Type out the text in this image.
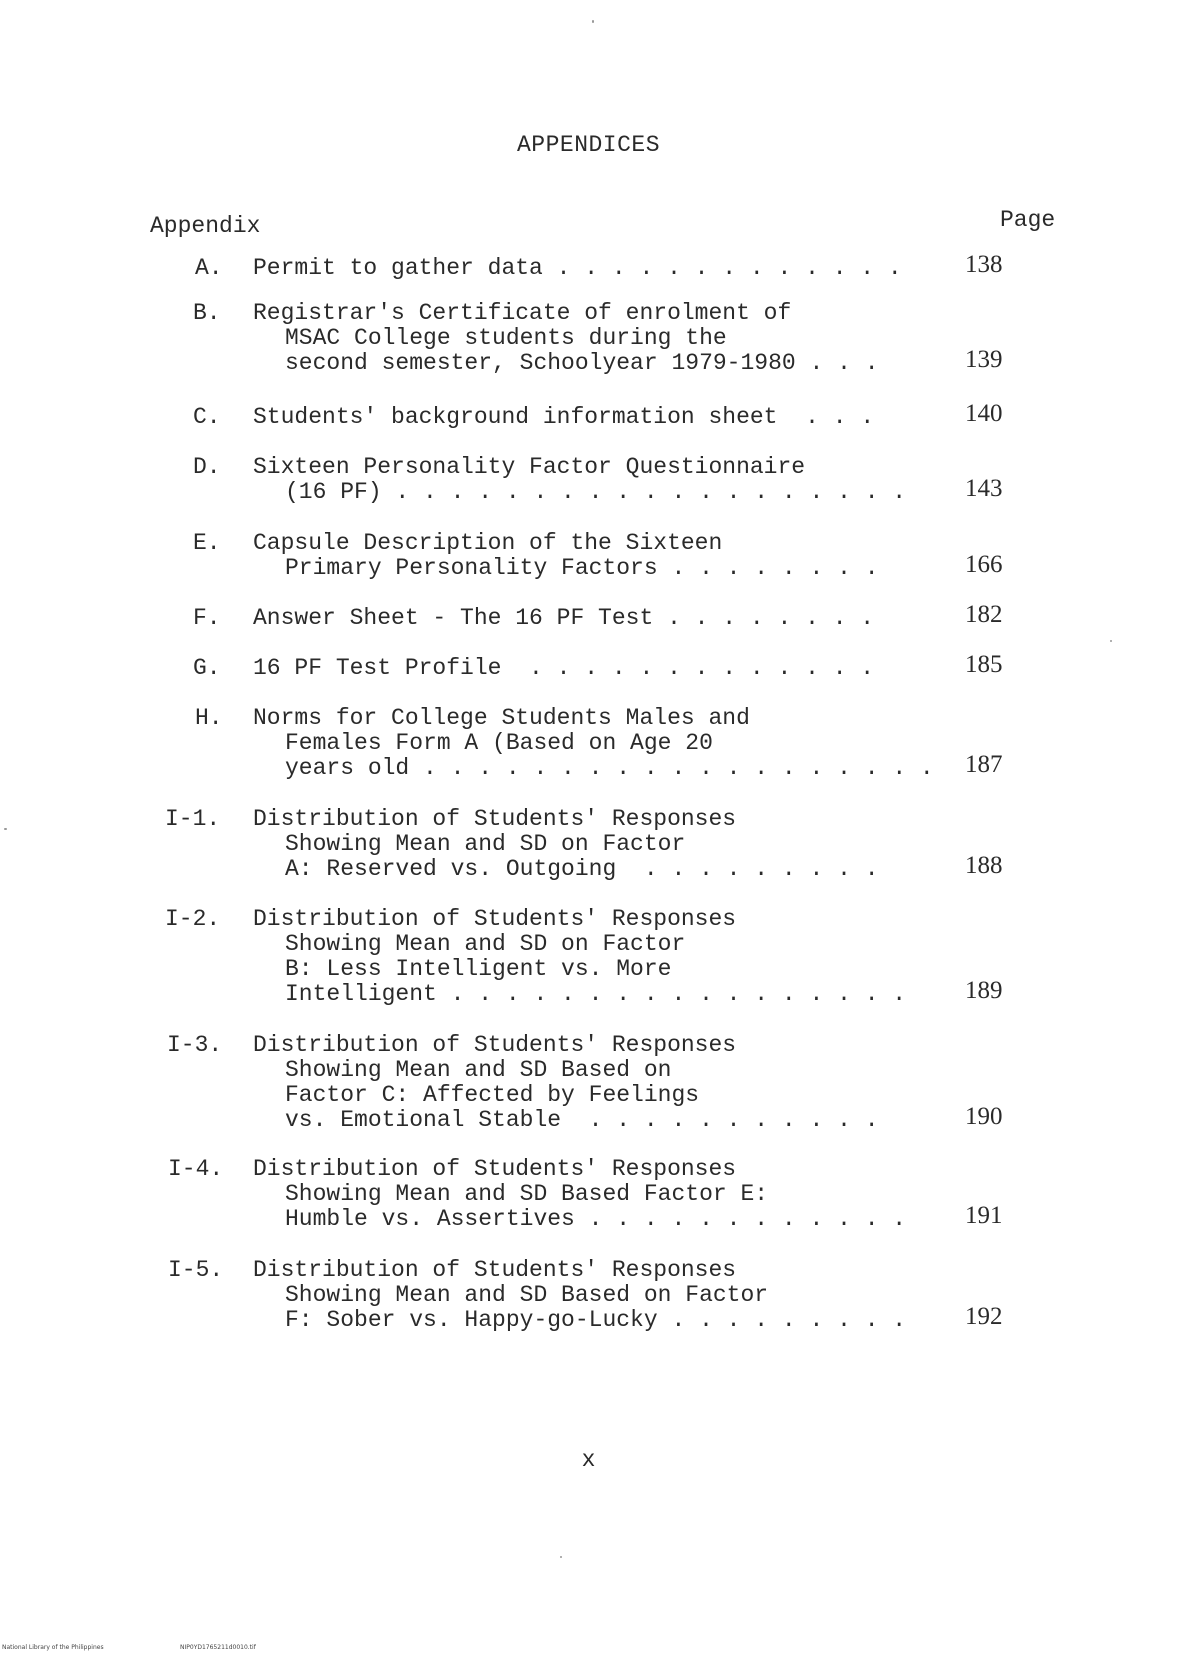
APPENDICES
Appendix	Page
A. Permit to gather data . . . . . . . . . . . . .	138
B. Registrar's Certificate of enrolment of
MSAC College students during the
second semester, Schoolyear 1979-1980 . . .	139
C. Students' background information sheet  . . .	140
D. Sixteen Personality Factor Questionnaire
(16 PF) . . . . . . . . . . . . . . . . . . . 143
E. Capsule Description of the Sixteen
Primary Personality Factors . . . . . . . .	166
F. Answer Sheet - The 16 PF Test . . . . . . . .	182
G. 16 PF Test Profile  . . . . . . . . . . . . .	185
H. Norms for College Students Males and
Females Form A (Based on Age 20
years old . . . . . . . . . . . . . . . . . . . 187
I-1. Distribution of Students' Responses
Showing Mean and SD on Factor
A: Reserved vs. Outgoing  . . . . . . . . .	188
I-2. Distribution of Students' Responses
Showing Mean and SD on Factor
B: Less Intelligent vs. More
Intelligent . . . . . . . . . . . . . . . . . 189
I-3. Distribution of Students' Responses
Showing Mean and SD Based on
Factor C: Affected by Feelings
vs. Emotional Stable  . . . . . . . . . . .	190
I-4. Distribution of Students' Responses
Showing Mean and SD Based Factor E:
Humble vs. Assertives . . . . . . . . . . . . 191
I-5. Distribution of Students' Responses
Showing Mean and SD Based on Factor
F: Sober vs. Happy-go-Lucky . . . . . . . . . 192
x
National Library of the Philippines	NIP0YD1765211d0010.tif
